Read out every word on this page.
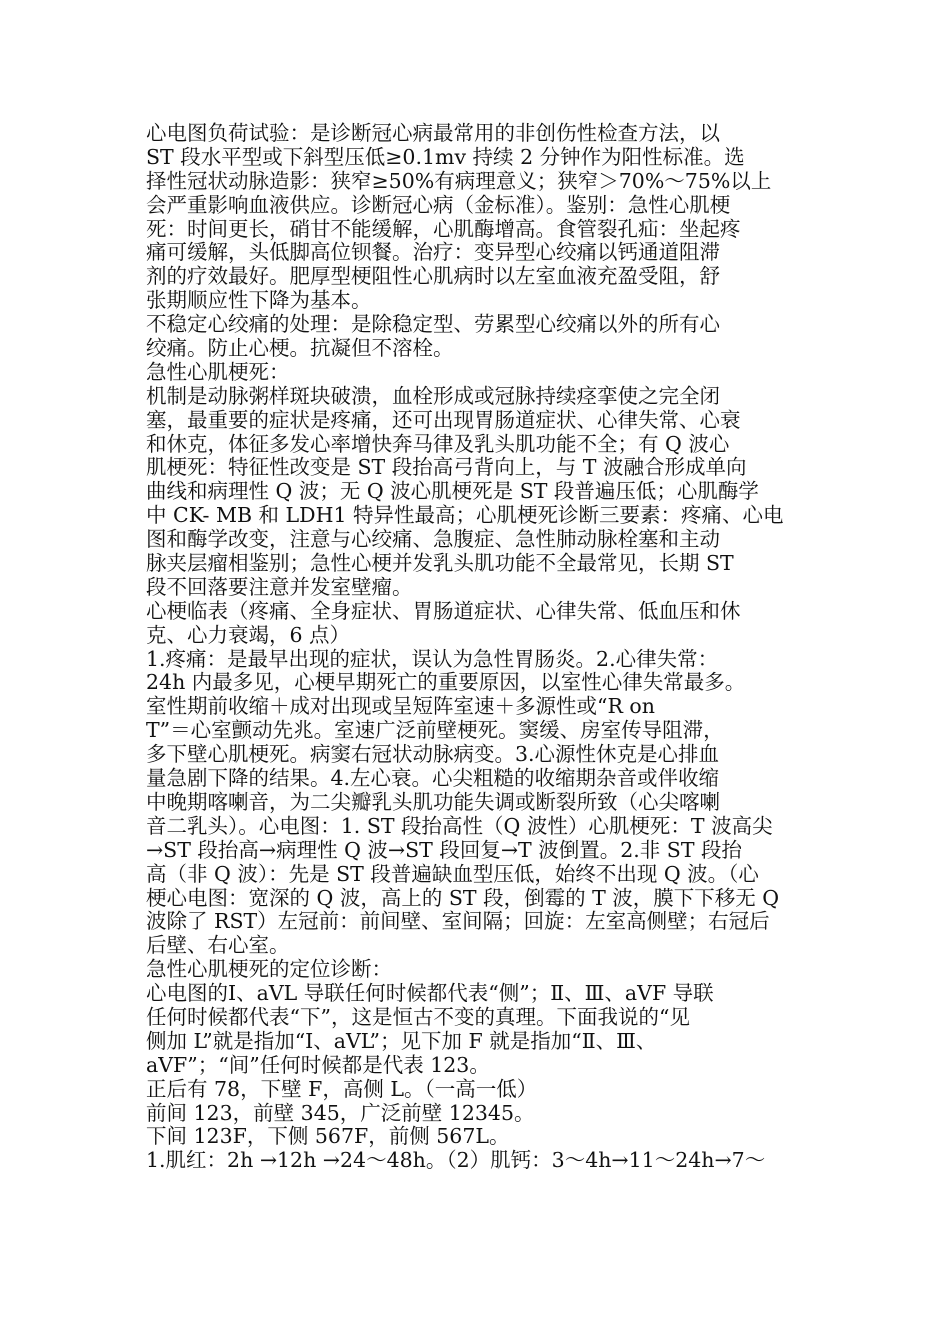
心电图负荷试验：是诊断冠心病最常用的非创伤性检查方法，以
ST 段水平型或下斜型压低≥0.1mv 持续 2 分钟作为阳性标准。选
择性冠状动脉造影：狭窄≥50%有病理意义；狭窄＞70%～75%以上
会严重影响血液供应。诊断冠心病（金标准）。鉴别：急性心肌梗
死：时间更长，硝甘不能缓解，心肌酶增高。食管裂孔疝：坐起疼
痛可缓解，头低脚高位钡餐。治疗：变异型心绞痛以钙通道阻滞
剂的疗效最好。肥厚型梗阻性心肌病时以左室血液充盈受阻，舒
张期顺应性下降为基本。
不稳定心绞痛的处理：是除稳定型、劳累型心绞痛以外的所有心
绞痛。防止心梗。抗凝但不溶栓。
急性心肌梗死：
机制是动脉粥样斑块破溃，血栓形成或冠脉持续痉挛使之完全闭
塞，最重要的症状是疼痛，还可出现胃肠道症状、心律失常、心衰
和休克，体征多发心率增快奔马律及乳头肌功能不全；有 Q 波心
肌梗死：特征性改变是 ST 段抬高弓背向上，与 T 波融合形成单向
曲线和病理性 Q 波；无 Q 波心肌梗死是 ST 段普遍压低；心肌酶学
中 CK- MB 和 LDH1 特异性最高；心肌梗死诊断三要素：疼痛、心电
图和酶学改变，注意与心绞痛、急腹症、急性肺动脉栓塞和主动
脉夹层瘤相鉴别；急性心梗并发乳头肌功能不全最常见，长期 ST
段不回落要注意并发室壁瘤。
心梗临表（疼痛、全身症状、胃肠道症状、心律失常、低血压和休
克、心力衰竭，6 点）
1.疼痛：是最早出现的症状，误认为急性胃肠炎。2.心律失常：
24h 内最多见，心梗早期死亡的重要原因，以室性心律失常最多。
室性期前收缩＋成对出现或呈短阵室速＋多源性或“R on
T”＝心室颤动先兆。室速广泛前壁梗死。窦缓、房室传导阻滞，
多下壁心肌梗死。病窦右冠状动脉病变。3.心源性休克是心排血
量急剧下降的结果。4.左心衰。心尖粗糙的收缩期杂音或伴收缩
中晚期喀喇音，为二尖瓣乳头肌功能失调或断裂所致（心尖喀喇
音二乳头）。心电图：1. ST 段抬高性（Q 波性）心肌梗死：T 波高尖
→ST 段抬高→病理性 Q 波→ST 段回复→T 波倒置。2.非 ST 段抬
高（非 Q 波）：先是 ST 段普遍缺血型压低，始终不出现 Q 波。（心
梗心电图：宽深的 Q 波，高上的 ST 段，倒霉的 T 波，膜下下移无 Q
波除了 RST）左冠前：前间壁、室间隔；回旋：左室高侧壁；右冠后
后壁、右心室。
急性心肌梗死的定位诊断：
心电图的Ⅰ、aVL 导联任何时候都代表“侧”；Ⅱ、Ⅲ、aVF 导联
任何时候都代表“下”，这是恒古不变的真理。下面我说的“见
侧加 L”就是指加“Ⅰ、aVL”；见下加 F 就是指加“Ⅱ、Ⅲ、
aVF”；“间”任何时候都是代表 123。
正后有 78，下壁 F，高侧 L。（一高一低）
前间 123，前壁 345，广泛前壁 12345。
下间 123F，下侧 567F，前侧 567L。
1.肌红：2h →12h →24～48h。（2）肌钙：3～4h→11～24h→7～
